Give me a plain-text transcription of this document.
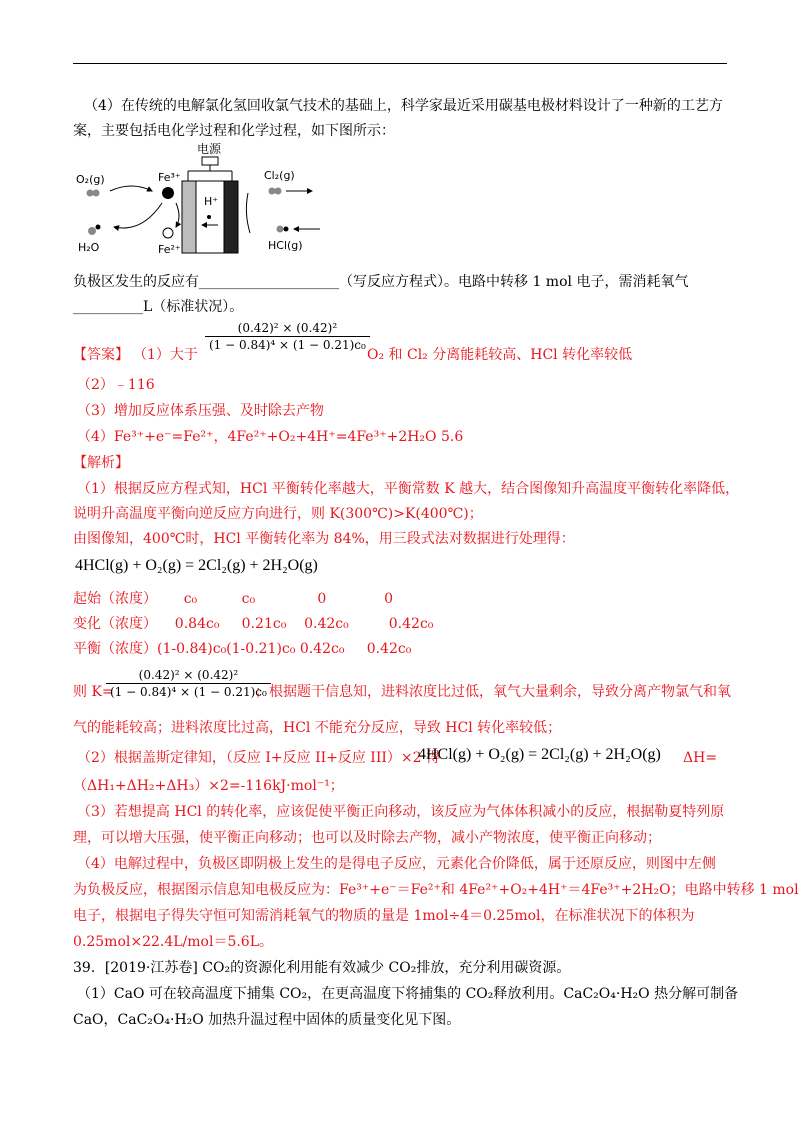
（4）在传统的电解氯化氢回收氯气技术的基础上，科学家最近采用碳基电极材料设计了一种新的工艺方
案，主要包括电化学过程和化学过程，如下图所示：
电源
H⁺
O₂(g)	Fe³⁺
H₂O	Fe²⁺
Cl₂(g)
HCl(g)
负极区发生的反应有____________________（写反应方程式）。电路中转移 1 mol 电子，需消耗氧气
__________L（标准状况）。
【答案】 （1）大于
$\frac{\text{(0.42)² × (0.42)²}}{\text{(1 − 0.84)⁴ × (1 − 0.21)c₀}}$
O₂ 和 Cl₂ 分离能耗较高、HCl 转化率较低
（2）﹣116
（3）增加反应体系压强、及时除去产物
（4）Fe³⁺+e⁻=Fe²⁺，4Fe²⁺+O₂+4H⁺=4Fe³⁺+2H₂O 5.6
【解析】
（1）根据反应方程式知，HCl 平衡转化率越大，平衡常数 K 越大，结合图像知升高温度平衡转化率降低，
说明升高温度平衡向逆反应方向进行，则 K(300℃)>K(400℃)；
由图像知，400℃时，HCl 平衡转化率为 84%，用三段式法对数据进行处理得：
4HCl(g) + O₂(g) = 2Cl₂(g) + 2H₂O(g)
起始（浓度）      c₀          c₀              0             0
变化（浓度）    0.84c₀     0.21c₀    0.42c₀         0.42c₀
平衡（浓度）(1-0.84)c₀(1-0.21)c₀ 0.42c₀     0.42c₀
则 K=
$\frac{\text{(0.42)² × (0.42)²}}{\text{(1 − 0.84)⁴ × (1 − 0.21)c₀}}$
；根据题干信息知，进料浓度比过低，氧气大量剩余，导致分离产物氯气和氧
气的能耗较高；进料浓度比过高，HCl 不能充分反应，导致 HCl 转化率较低；
（2）根据盖斯定律知，（反应 I+反应 II+反应 III）×2 得
4HCl(g) + O₂(g) = 2Cl₂(g) + 2H₂O(g) ΔH=
（ΔH₁+ΔH₂+ΔH₃）×2=-116kJ·mol⁻¹；
（3）若想提高 HCl 的转化率，应该促使平衡正向移动，该反应为气体体积减小的反应，根据勒夏特列原
理，可以增大压强，使平衡正向移动；也可以及时除去产物，减小产物浓度，使平衡正向移动；
（4）电解过程中，负极区即阴极上发生的是得电子反应，元素化合价降低，属于还原反应，则图中左侧
为负极反应，根据图示信息知电极反应为：Fe³⁺+e⁻＝Fe²⁺和 4Fe²⁺+O₂+4H⁺＝4Fe³⁺+2H₂O；电路中转移 1 mol
电子，根据电子得失守恒可知需消耗氧气的物质的量是 1mol÷4＝0.25mol，在标准状况下的体积为
0.25mol×22.4L/mol＝5.6L。
39．[2019·江苏卷] CO₂的资源化利用能有效减少 CO₂排放，充分利用碳资源。
（1）CaO 可在较高温度下捕集 CO₂，在更高温度下将捕集的 CO₂释放利用。CaC₂O₄·H₂O 热分解可制备
CaO，CaC₂O₄·H₂O 加热升温过程中固体的质量变化见下图。
